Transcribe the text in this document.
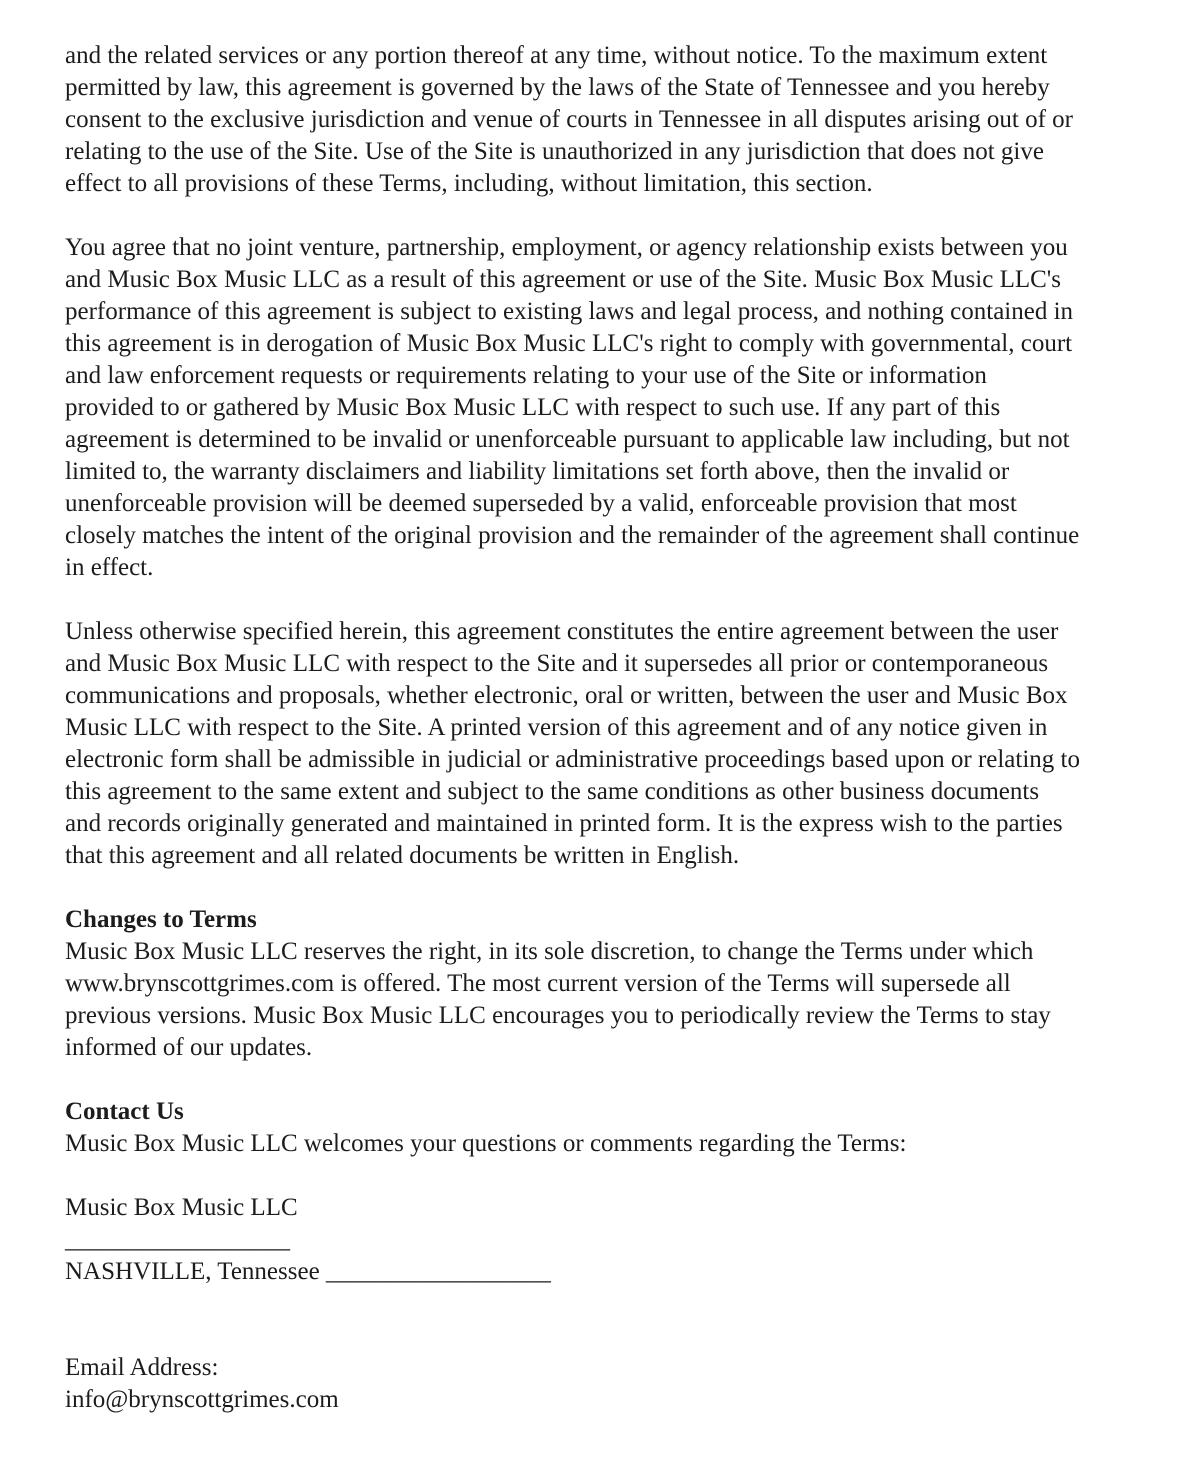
and the related services or any portion thereof at any time, without notice. To the maximum extent permitted by law, this agreement is governed by the laws of the State of Tennessee and you hereby consent to the exclusive jurisdiction and venue of courts in Tennessee in all disputes arising out of or relating to the use of the Site. Use of the Site is unauthorized in any jurisdiction that does not give effect to all provisions of these Terms, including, without limitation, this section.

You agree that no joint venture, partnership, employment, or agency relationship exists between you and Music Box Music LLC as a result of this agreement or use of the Site. Music Box Music LLC's performance of this agreement is subject to existing laws and legal process, and nothing contained in this agreement is in derogation of Music Box Music LLC's right to comply with governmental, court and law enforcement requests or requirements relating to your use of the Site or information provided to or gathered by Music Box Music LLC with respect to such use. If any part of this agreement is determined to be invalid or unenforceable pursuant to applicable law including, but not limited to, the warranty disclaimers and liability limitations set forth above, then the invalid or unenforceable provision will be deemed superseded by a valid, enforceable provision that most closely matches the intent of the original provision and the remainder of the agreement shall continue in effect.

Unless otherwise specified herein, this agreement constitutes the entire agreement between the user and Music Box Music LLC with respect to the Site and it supersedes all prior or contemporaneous communications and proposals, whether electronic, oral or written, between the user and Music Box Music LLC with respect to the Site. A printed version of this agreement and of any notice given in electronic form shall be admissible in judicial or administrative proceedings based upon or relating to this agreement to the same extent and subject to the same conditions as other business documents and records originally generated and maintained in printed form. It is the express wish to the parties that this agreement and all related documents be written in English.

Changes to Terms

Music Box Music LLC reserves the right, in its sole discretion, to change the Terms under which www.brynscottgrimes.com is offered. The most current version of the Terms will supersede all previous versions. Music Box Music LLC encourages you to periodically review the Terms to stay informed of our updates.

Contact Us

Music Box Music LLC welcomes your questions or comments regarding the Terms:

Music Box Music LLC

__________________

NASHVILLE, Tennessee __________________

Email Address:

info@brynscottgrimes.com
